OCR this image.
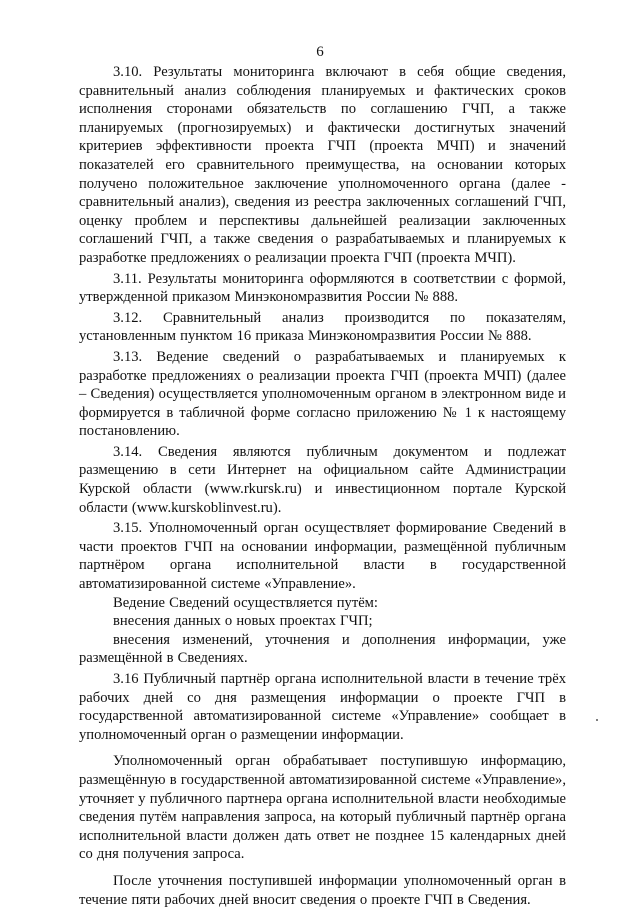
6

3.10. Результаты мониторинга включают в себя общие сведения, сравнительный анализ соблюдения планируемых и фактических сроков исполнения сторонами обязательств по соглашению ГЧП, а также планируемых (прогнозируемых) и фактически достигнутых значений критериев эффективности проекта ГЧП (проекта МЧП) и значений показателей его сравнительного преимущества, на основании которых получено положительное заключение уполномоченного органа (далее - сравнительный анализ), сведения из реестра заключенных соглашений ГЧП, оценку проблем и перспективы дальнейшей реализации заключенных соглашений ГЧП, а также сведения о разрабатываемых и планируемых к разработке предложениях о реализации проекта ГЧП (проекта МЧП).

3.11. Результаты мониторинга оформляются в соответствии с формой, утвержденной приказом Минэкономразвития России № 888.

3.12. Сравнительный анализ производится по показателям, установленным пунктом 16 приказа Минэкономразвития России № 888.

3.13. Ведение сведений о разрабатываемых и планируемых к разработке предложениях о реализации проекта ГЧП (проекта МЧП) (далее – Сведения) осуществляется уполномоченным органом в электронном виде и формируется в табличной форме согласно приложению № 1 к настоящему постановлению.

3.14. Сведения являются публичным документом и подлежат размещению в сети Интернет на официальном сайте Администрации Курской области (www.rkursk.ru) и инвестиционном портале Курской области (www.kurskoblinvest.ru).

3.15. Уполномоченный орган осуществляет формирование Сведений в части проектов ГЧП на основании информации, размещённой публичным партнёром органа исполнительной власти в государственной автоматизированной системе «Управление».

Ведение Сведений осуществляется путём:

внесения данных о новых проектах ГЧП;

внесения изменений, уточнения и дополнения информации, уже размещённой в Сведениях.

3.16 Публичный партнёр органа исполнительной власти в течение трёх рабочих дней со дня размещения информации о проекте ГЧП в государственной автоматизированной системе «Управление» сообщает в уполномоченный орган о размещении информации.

Уполномоченный орган обрабатывает поступившую информацию, размещённую в государственной автоматизированной системе «Управление», уточняет у публичного партнера органа исполнительной власти необходимые сведения путём направления запроса, на который публичный партнёр органа исполнительной власти должен дать ответ не позднее 15 календарных дней со дня получения запроса.

После уточнения поступившей информации уполномоченный орган в течение пяти рабочих дней вносит сведения о проекте ГЧП в Сведения.
